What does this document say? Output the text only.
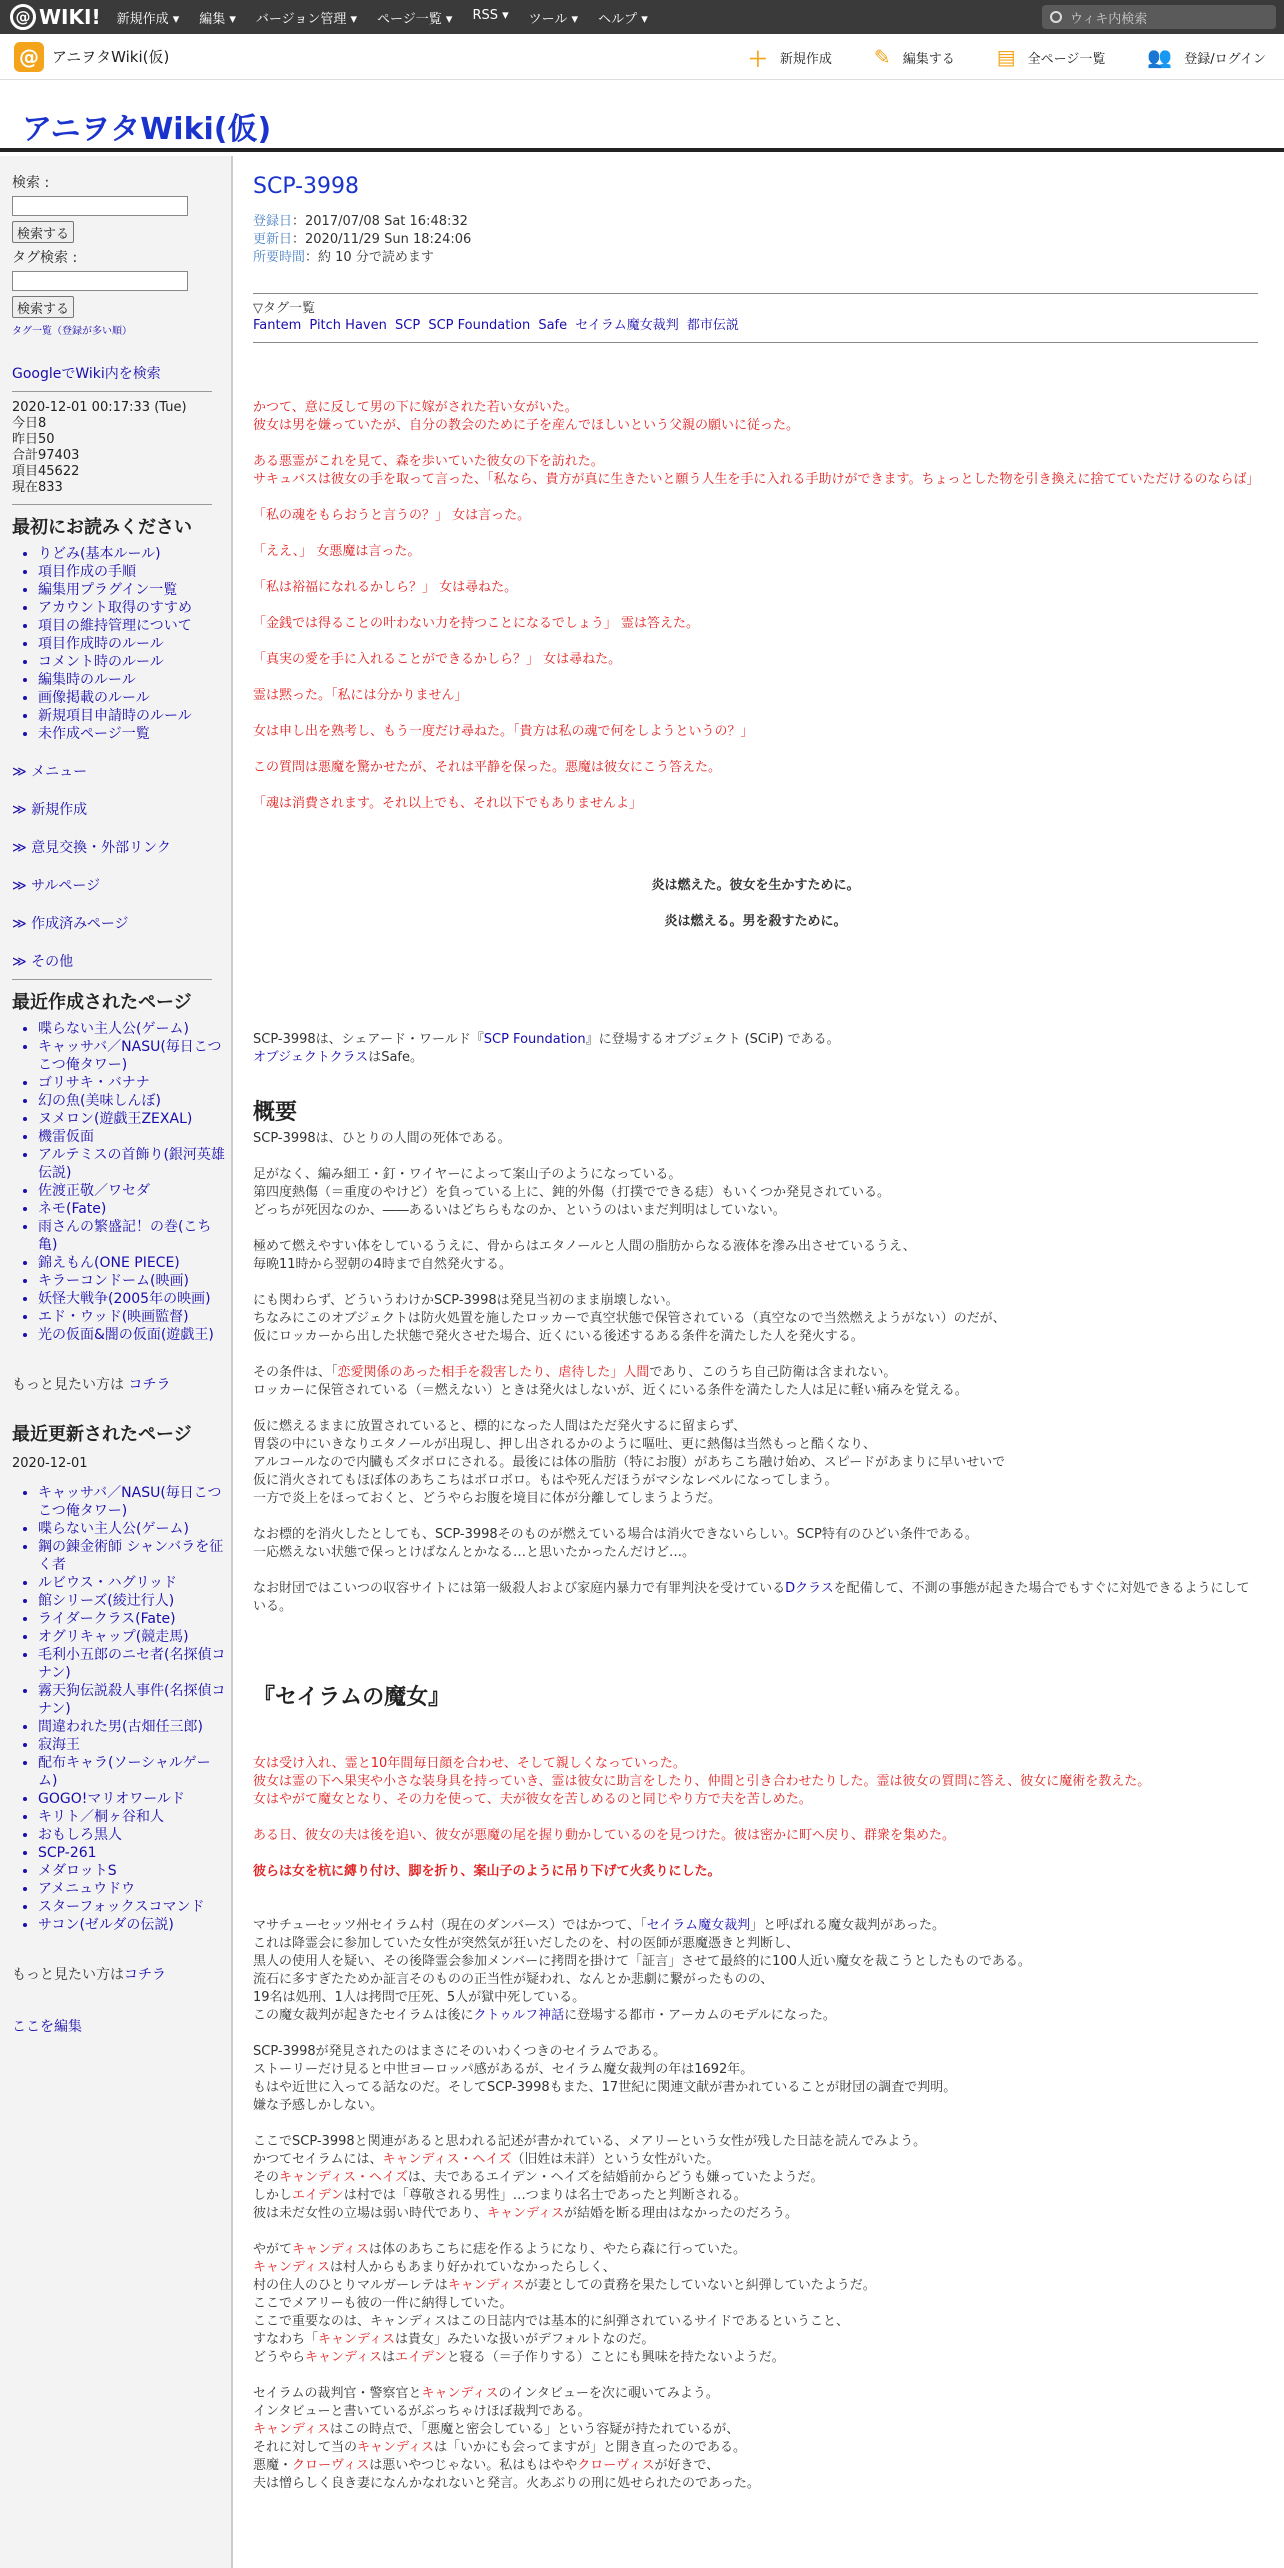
@ WIKI! 新規作成 ▾ 編集 ▾ バージョン管理 ▾ ページ一覧 ▾ RSS ▾ ツール ▾ ヘルプ ▾	ウィキ内検索
@ アニヲタWiki(仮)	＋ 新規作成 ✎ 編集する ▤ 全ページ一覧 👥 登録/ログイン
アニヲタWiki(仮)
検索 :
検索する
タグ検索 :
検索する
タグ一覧（登録が多い順）
GoogleでWiki内を検索
2020-12-01 00:17:33 (Tue)
今日8
昨日50
合計97403
項目45622
現在833
最初にお読みください
• りどみ(基本ルール)
• 項目作成の手順
• 編集用プラグイン一覧
• アカウント取得のすすめ
• 項目の維持管理について
• 項目作成時のルール
• コメント時のルール
• 編集時のルール
• 画像掲載のルール
• 新規項目申請時のルール
• 未作成ページ一覧
≫ メニュー
≫ 新規作成
≫ 意見交換・外部リンク
≫ サルページ
≫ 作成済みページ
≫ その他
最近作成されたページ
• 喋らない主人公(ゲーム)
• キャッサバ／NASU(毎日こつこつ俺タワー)
• ゴリサキ・バナナ
• 幻の魚(美味しんぼ)
• ヌメロン(遊戯王ZEXAL)
• 機雷仮面
• アルテミスの首飾り(銀河英雄伝説)
• 佐渡正敬／ワセダ
• ネモ(Fate)
• 雨さんの繁盛記！の巻(こち亀)
• 錦えもん(ONE PIECE)
• キラーコンドーム(映画)
• 妖怪大戦争(2005年の映画)
• エド・ウッド(映画監督)
• 光の仮面&闇の仮面(遊戯王)
もっと見たい方は コチラ
最近更新されたページ
2020-12-01
• キャッサバ／NASU(毎日こつこつ俺タワー)
• 喋らない主人公(ゲーム)
• 鋼の錬金術師 シャンバラを征く者
• ルビウス・ハグリッド
• 館シリーズ(綾辻行人)
• ライダークラス(Fate)
• オグリキャップ(競走馬)
• 毛利小五郎のニセ者(名探偵コナン)
• 霧天狗伝説殺人事件(名探偵コナン)
• 間違われた男(古畑任三郎)
• 寂海王
• 配布キャラ(ソーシャルゲーム)
• GOGO!マリオワールド
• キリト／桐ヶ谷和人
• おもしろ黒人
• SCP-261
• メダロットS
• アメニュウドウ
• スターフォックスコマンド
• サコン(ゼルダの伝説)
もっと見たい方はコチラ
ここを編集
SCP-3998
登録日：2017/07/08 Sat 16:48:32
更新日：2020/11/29 Sun 18:24:06
所要時間：約 10 分で読めます
▽タグ一覧
Fantem Pitch Haven SCP SCP Foundation Safe セイラム魔女裁判 都市伝説
かつて、意に反して男の下に嫁がされた若い女がいた。
彼女は男を嫌っていたが、自分の教会のために子を産んでほしいという父親の願いに従った。
ある悪霊がこれを見て、森を歩いていた彼女の下を訪れた。
サキュバスは彼女の手を取って言った、「私なら、貴方が真に生きたいと願う人生を手に入れる手助けができます。ちょっとした物を引き換えに捨てていただけるのならば」
「私の魂をもらおうと言うの？」 女は言った。
「ええ、」 女悪魔は言った。
「私は裕福になれるかしら？」 女は尋ねた。
「金銭では得ることの叶わない力を持つことになるでしょう」 霊は答えた。
「真実の愛を手に入れることができるかしら？」 女は尋ねた。
霊は黙った。「私には分かりません」
女は申し出を熟考し、もう一度だけ尋ねた。「貴方は私の魂で何をしようというの？」
この質問は悪魔を驚かせたが、それは平静を保った。悪魔は彼女にこう答えた。
「魂は消費されます。それ以上でも、それ以下でもありませんよ」
炎は燃えた。彼女を生かすために。
炎は燃える。男を殺すために。
SCP-3998は、シェアード・ワールド『SCP Foundation』に登場するオブジェクト (SCiP) である。
オブジェクトクラスはSafe。
概要
SCP-3998は、ひとりの人間の死体である。
足がなく、編み細工・釘・ワイヤーによって案山子のようになっている。
第四度熱傷（＝重度のやけど）を負っている上に、鈍的外傷（打撲でできる痣）もいくつか発見されている。
どっちが死因なのか、――あるいはどちらもなのか、というのはいまだ判明はしていない。
極めて燃えやすい体をしているうえに、骨からはエタノールと人間の脂肪からなる液体を滲み出させているうえ、
毎晩11時から翌朝の4時まで自然発火する。
にも関わらず、どういうわけかSCP-3998は発見当初のまま崩壊しない。
ちなみにこのオブジェクトは防火処置を施したロッカーで真空状態で保管されている（真空なので当然燃えようがない）のだが、
仮にロッカーから出した状態で発火させた場合、近くにいる後述するある条件を満たした人を発火する。
その条件は、「恋愛関係のあった相手を殺害したり、虐待した」人間であり、このうち自己防衛は含まれない。
ロッカーに保管されている（＝燃えない）ときは発火はしないが、近くにいる条件を満たした人は足に軽い痛みを覚える。
仮に燃えるままに放置されていると、標的になった人間はただ発火するに留まらず、
胃袋の中にいきなりエタノールが出現し、押し出されるかのように嘔吐、更に熱傷は当然もっと酷くなり、
アルコールなので内臓もズタボロにされる。最後には体の脂肪（特にお腹）があちこち融け始め、スピードがあまりに早いせいで
仮に消火されてもほぼ体のあちこちはボロボロ。もはや死んだほうがマシなレベルになってしまう。
一方で炎上をほっておくと、どうやらお腹を境目に体が分離してしまうようだ。
なお標的を消火したとしても、SCP-3998そのものが燃えている場合は消火できないらしい。SCP特有のひどい条件である。
一応燃えない状態で保っとけばなんとかなる…と思いたかったんだけど…。
なお財団ではこいつの収容サイトには第一級殺人および家庭内暴力で有罪判決を受けているDクラスを配備して、不測の事態が起きた場合でもすぐに対処できるようにしている。
『セイラムの魔女』
女は受け入れ、霊と10年間毎日顔を合わせ、そして親しくなっていった。
彼女は霊の下へ果実や小さな装身具を持っていき、霊は彼女に助言をしたり、仲間と引き合わせたりした。霊は彼女の質問に答え、彼女に魔術を教えた。
女はやがて魔女となり、その力を使って、夫が彼女を苦しめるのと同じやり方で夫を苦しめた。
ある日、彼女の夫は後を追い、彼女が悪魔の尾を握り動かしているのを見つけた。彼は密かに町へ戻り、群衆を集めた。
彼らは女を杭に縛り付け、脚を折り、案山子のように吊り下げて火炙りにした。
マサチューセッツ州セイラム村（現在のダンバース）ではかつて、「セイラム魔女裁判」と呼ばれる魔女裁判があった。
これは降霊会に参加していた女性が突然気が狂いだしたのを、村の医師が悪魔憑きと判断し、
黒人の使用人を疑い、その後降霊会参加メンバーに拷問を掛けて「証言」させて最終的に100人近い魔女を裁こうとしたものである。
流石に多すぎたためか証言そのものの正当性が疑われ、なんとか悲劇に繋がったものの、
19名は処刑、1人は拷問で圧死、5人が獄中死している。
この魔女裁判が起きたセイラムは後にクトゥルフ神話に登場する都市・アーカムのモデルになった。
SCP-3998が発見されたのはまさにそのいわくつきのセイラムである。
ストーリーだけ見ると中世ヨーロッパ感があるが、セイラム魔女裁判の年は1692年。
もはや近世に入ってる話なのだ。そしてSCP-3998もまた、17世紀に関連文献が書かれていることが財団の調査で判明。
嫌な予感しかしない。
ここでSCP-3998と関連があると思われる記述が書かれている、メアリーという女性が残した日誌を読んでみよう。
かつてセイラムには、キャンディス・ヘイズ（旧姓は未詳）という女性がいた。
そのキャンディス・ヘイズは、夫であるエイデン・ヘイズを結婚前からどうも嫌っていたようだ。
しかしエイデンは村では「尊敬される男性」…つまりは名士であったと判断される。
彼は未だ女性の立場は弱い時代であり、キャンディスが結婚を断る理由はなかったのだろう。
やがてキャンディスは体のあちこちに痣を作るようになり、やたら森に行っていた。
キャンディスは村人からもあまり好かれていなかったらしく、
村の住人のひとりマルガーレテはキャンディスが妻としての責務を果たしていないと糾弾していたようだ。
ここでメアリーも彼の一件に納得していた。
ここで重要なのは、キャンディスはこの日誌内では基本的に糾弾されているサイドであるということ、
すなわち「キャンディスは貴女」みたいな扱いがデフォルトなのだ。
どうやらキャンディスはエイデンと寝る（＝子作りする）ことにも興味を持たないようだ。
セイラムの裁判官・警察官とキャンディスのインタビューを次に覗いてみよう。
インタビューと書いているがぶっちゃけほぼ裁判である。
キャンディスはこの時点で、「悪魔と密会している」という容疑が持たれているが、
それに対して当のキャンディスは「いかにも会ってますが」と開き直ったのである。
悪魔・クローヴィスは悪いやつじゃない。私はもはややクローヴィスが好きで、
夫は憎らしく良き妻になんかなれないと発言。火あぶりの刑に処せられたのであった。
